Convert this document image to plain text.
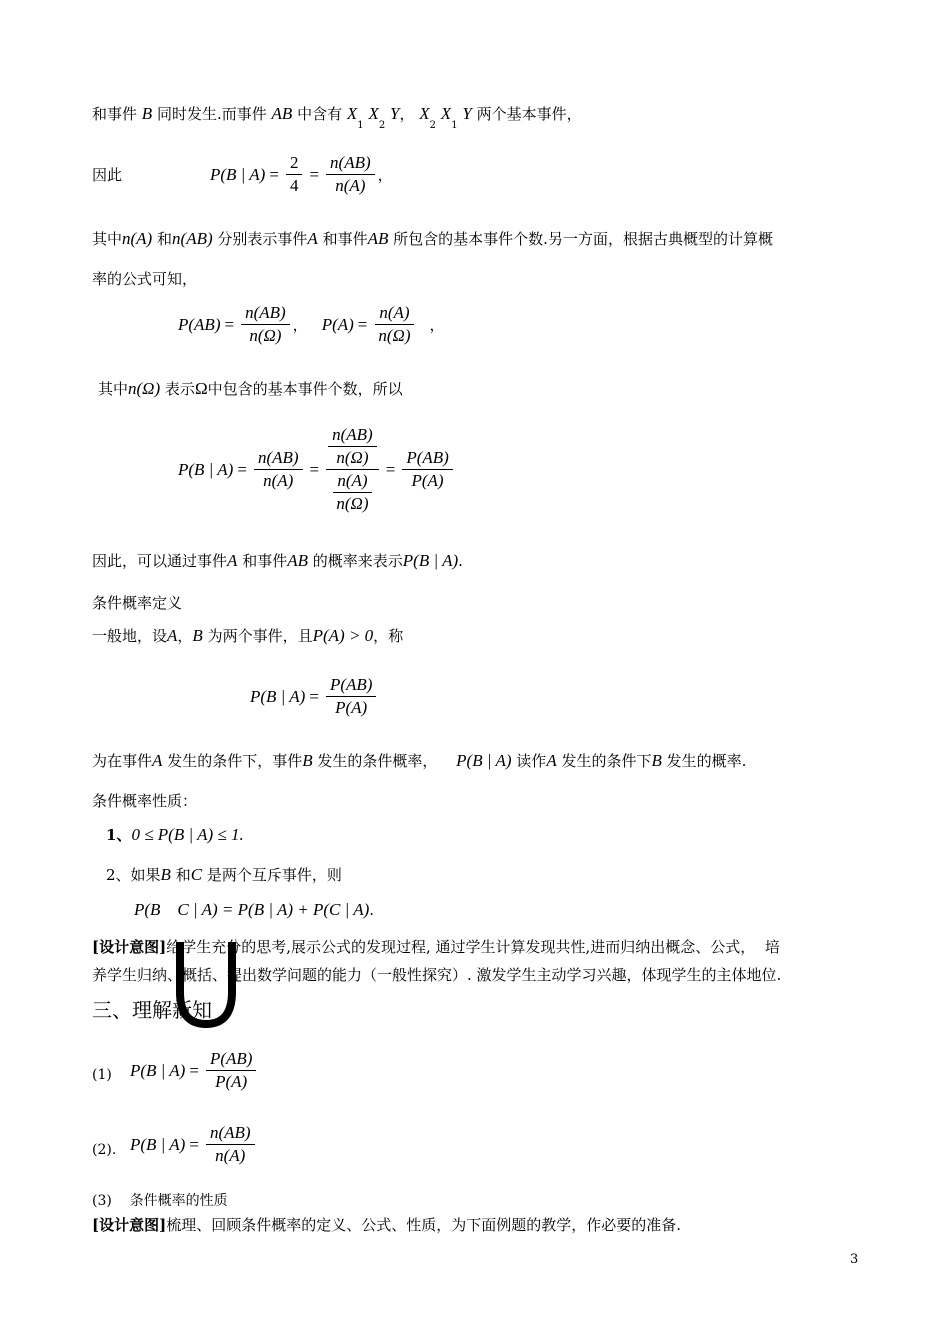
和事件 B 同时发生.而事件 AB 中含有 $X_1$ $X_2$ Y， $X_2$ $X_1$ Y 两个基本事件，
因此	P(B | $A) = \frac{2}{4} = \frac{n(AB)}{n(A)}$ ，
其中n(A) 和n(AB) 分别表示事件A 和事件AB 所包含的基本事件个数.另一方面，根据古典概型的计算概
率的公式可知，
$P(AB) = \frac{n(AB)}{n(\Omega)}$ ， $P(A) = \frac{n(A)}{n(\Omega)}$ ，
其中n(Ω) 表示Ω中包含的基本事件个数，所以
P(B | $A) = \frac{n(AB)}{n(A)} = \frac{\frac{n(AB)}{n(\Omega)}}{\frac{n(A)}{n(\Omega)}} = \frac{P(AB)}{P(A)}$
因此，可以通过事件A 和事件AB 的概率来表示P(B | A).
条件概率定义
一般地，设A，B 为两个事件，且P(A) > 0，称
P(B | $A) = \frac{P(AB)}{P(A)}$
为在事件A 发生的条件下，事件B 发生的条件概率， P(B | A) 读作A 发生的条件下B 发生的概率.
条件概率性质：
1、0 ≤ P(B | A) ≤ 1.
2、如果B 和C 是两个互斥事件，则
P(B    C | A) = P(B | A) + P(C | A).
[设计意图]给学生充分的思考,展示公式的发现过程, 通过学生计算发现共性,进而归纳出概念、公式，  培
养学生归纳、概括、提出数学问题的能力（一般性探究）. 激发学生主动学习兴趣，体现学生的主体地位.
三、理解新知
(1) P(B | $A) = \frac{P(AB)}{P(A)}$
(2). P(B | $A) = \frac{n(AB)}{n(A)}$
(3)    条件概率的性质
[设计意图]梳理、回顾条件概率的定义、公式、性质，为下面例题的教学，作必要的准备.
3
